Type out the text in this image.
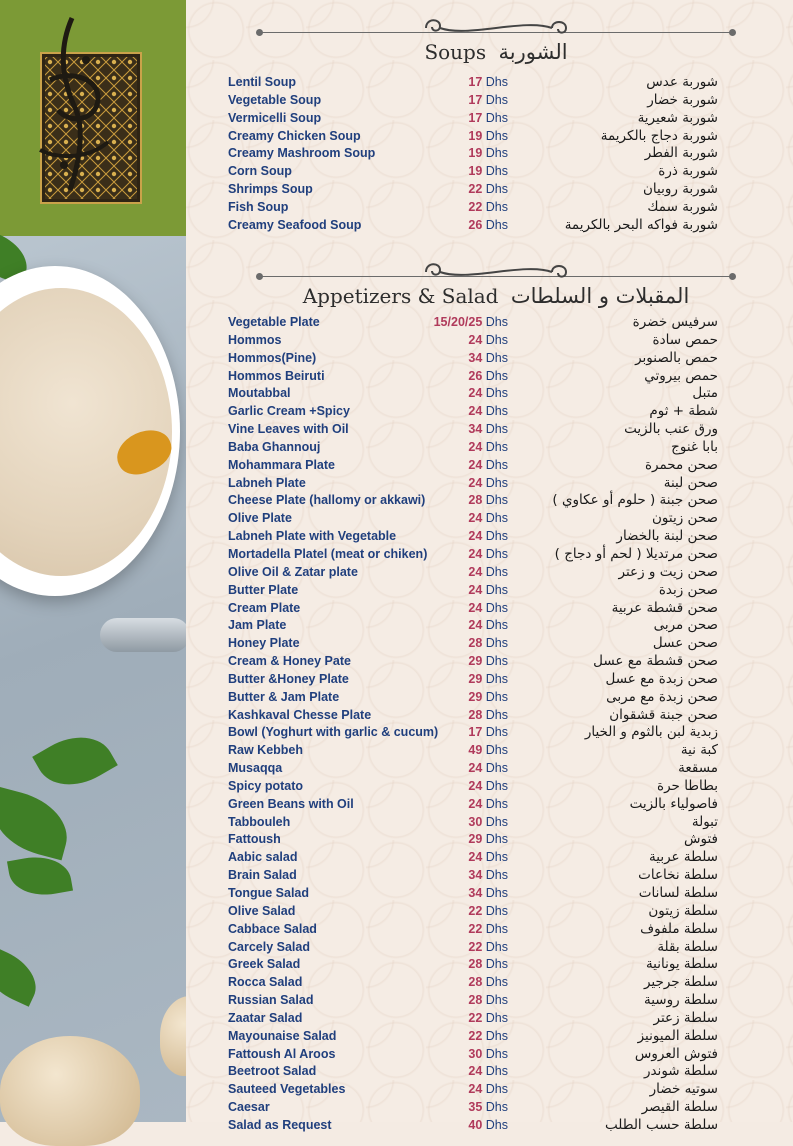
Soups الشوربة
Lentil Soup	17 Dhs	شوربة عدس
Vegetable Soup	17 Dhs	شوربة خضار
Vermicelli Soup	17 Dhs	شوربة شعيرية
Creamy Chicken Soup	19 Dhs	شوربة دجاج بالكريمة
Creamy Mashroom Soup	19 Dhs	شوربة الفطر
Corn Soup	19 Dhs	شوربة ذرة
Shrimps Soup	22 Dhs	شوربة روبيان
Fish Soup	22 Dhs	شوربة سمك
Creamy Seafood Soup	26 Dhs	شوربة فواكه البحر بالكريمة
Appetizers & Salad المقبلات و السلطات
Vegetable Plate	15/20/25 Dhs	سرفيس خضرة
Hommos	24 Dhs	حمص سادة
Hommos(Pine)	34 Dhs	حمص بالصنوبر
Hommos Beiruti	26 Dhs	حمص بيروتي
Moutabbal	24 Dhs	متبل
Garlic Cream +Spicy	24 Dhs	شطة + ثوم
Vine Leaves with Oil	34 Dhs	ورق عنب بالزيت
Baba Ghannouj	24 Dhs	بابا غنوج
Mohammara Plate	24 Dhs	صحن محمرة
Labneh Plate	24 Dhs	صحن لبنة
Cheese Plate (hallomy or akkawi)	28 Dhs	صحن جبنة ( حلوم أو عكاوي )
Olive Plate	24 Dhs	صحن زيتون
Labneh Plate with Vegetable	24 Dhs	صحن لبنة بالخضار
Mortadella Platel (meat or chiken)	24 Dhs	صحن مرتديلا ( لحم أو دجاج )
Olive Oil & Zatar plate	24 Dhs	صحن زيت و زعتر
Butter Plate	24 Dhs	صحن زبدة
Cream Plate	24 Dhs	صحن قشطة عربية
Jam Plate	24 Dhs	صحن مربى
Honey Plate	28 Dhs	صحن عسل
Cream & Honey Pate	29 Dhs	صحن قشطة مع عسل
Butter &Honey Plate	29 Dhs	صحن زبدة مع عسل
Butter & Jam Plate	29 Dhs	صحن زبدة مع مربى
Kashkaval Chesse Plate	28 Dhs	صحن جبنة قشقوان
Bowl (Yoghurt with garlic & cucum) 17 Dhs	زبدية لبن بالثوم و الخيار
Raw Kebbeh	49 Dhs	كبة نية
Musaqqa	24 Dhs	مسقعة
Spicy potato	24 Dhs	بطاطا حرة
Green Beans with Oil	24 Dhs	فاصولياء بالزيت
Tabbouleh	30 Dhs	تبولة
Fattoush	29 Dhs	فتوش
Aabic salad	24 Dhs	سلطة عربية
Brain Salad	34 Dhs	سلطة نخاعات
Tongue Salad	34 Dhs	سلطة لسانات
Olive Salad	22 Dhs	سلطة زيتون
Cabbace Salad	22 Dhs	سلطة ملفوف
Carcely Salad	22 Dhs	سلطة بقلة
Greek Salad	28 Dhs	سلطة يونانية
Rocca Salad	28 Dhs	سلطة جرجير
Russian Salad	28 Dhs	سلطة روسية
Zaatar Salad	22 Dhs	سلطة زعتر
Mayounaise Salad	22 Dhs	سلطة الميونيز
Fattoush Al Aroos	30 Dhs	فتوش العروس
Beetroot Salad	24 Dhs	سلطة شوندر
Sauteed Vegetables	24 Dhs	سوتيه خضار
Caesar	35 Dhs	سلطة القيصر
Salad as Request	40 Dhs	سلطة حسب الطلب
